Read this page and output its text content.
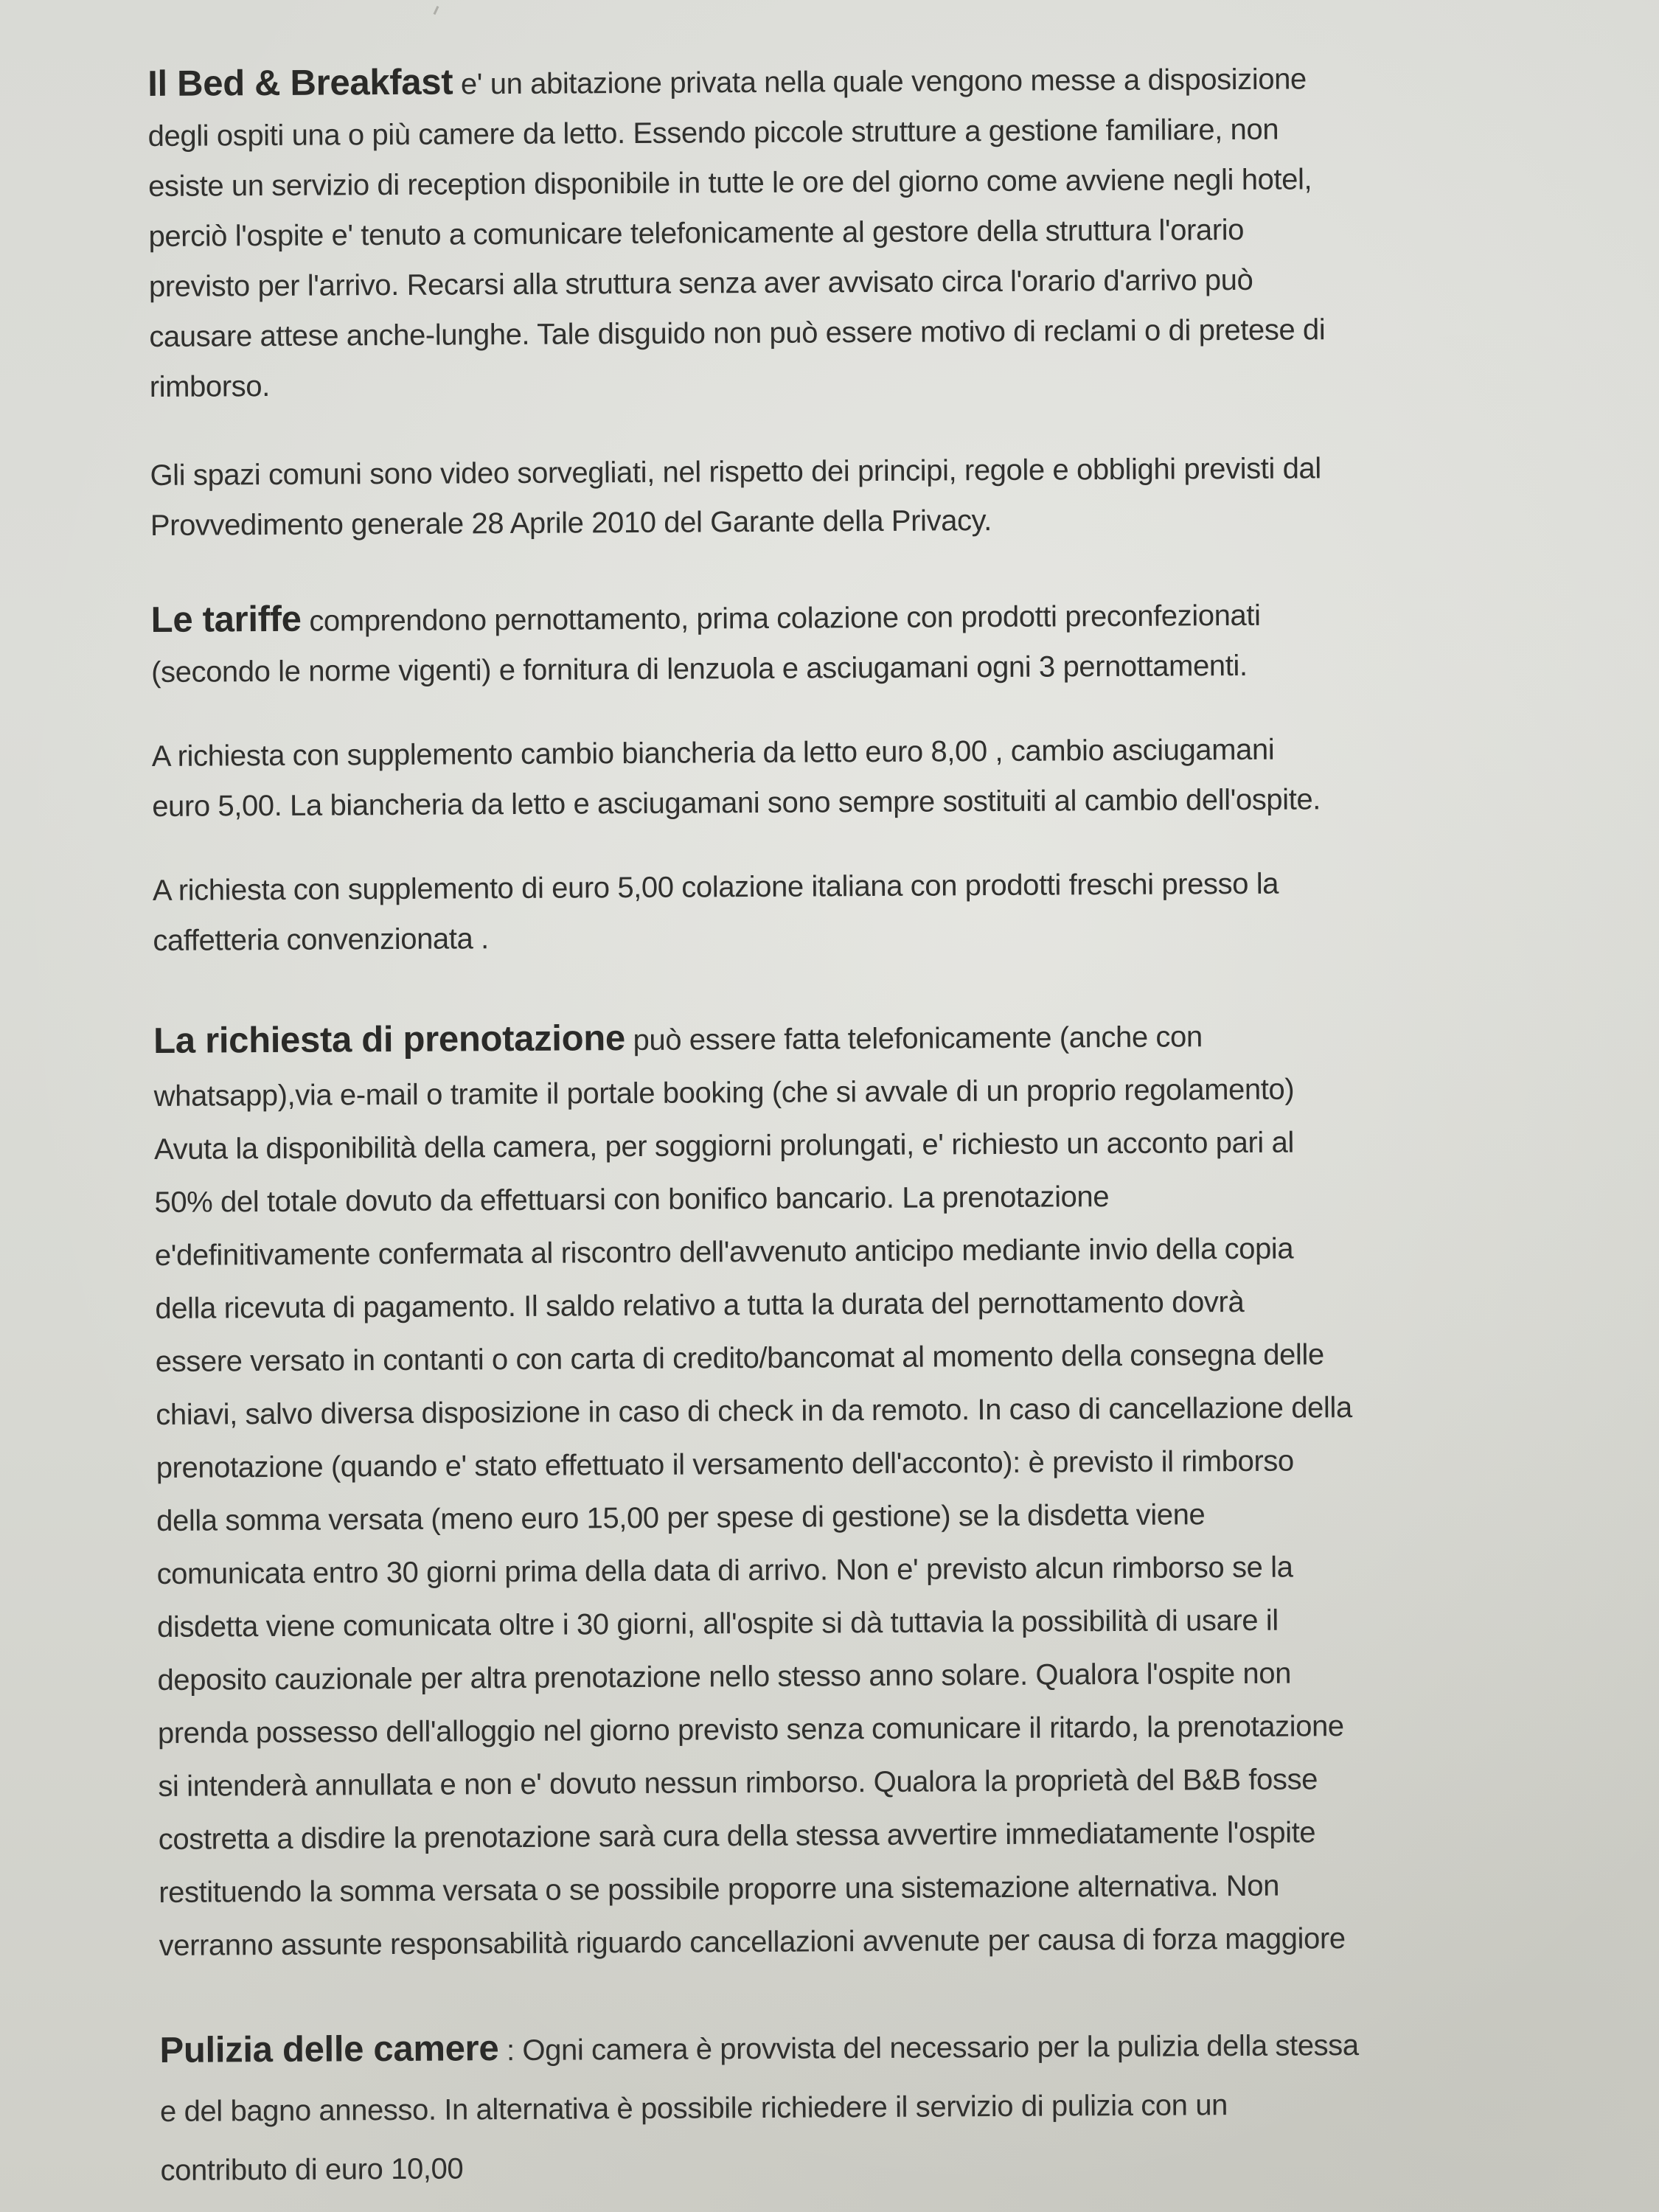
Il Bed & Breakfast e' un abitazione privata nella quale vengono messe a disposizione
degli ospiti una o più camere da letto. Essendo piccole strutture a gestione familiare, non
esiste un servizio di reception disponibile in tutte le ore del giorno come avviene negli hotel,
perciò l'ospite e' tenuto a comunicare telefonicamente al gestore della struttura l'orario
previsto per l'arrivo. Recarsi alla struttura senza aver avvisato circa l'orario d'arrivo può
causare attese anche-lunghe. Tale disguido non può essere motivo di reclami o di pretese di
rimborso.

Gli spazi comuni sono video sorvegliati, nel rispetto dei principi, regole e obblighi previsti dal
Provvedimento generale 28 Aprile 2010 del Garante della Privacy.

Le tariffe comprendono pernottamento, prima colazione con prodotti preconfezionati
(secondo le norme vigenti) e fornitura di lenzuola e asciugamani ogni 3 pernottamenti.

A richiesta con supplemento cambio biancheria da letto euro 8,00 , cambio asciugamani
euro 5,00. La biancheria da letto e asciugamani sono sempre sostituiti al cambio dell'ospite.

A richiesta con supplemento di euro 5,00 colazione italiana con prodotti freschi presso la
caffetteria convenzionata .

La richiesta di prenotazione può essere fatta telefonicamente (anche con
whatsapp),via e-mail o tramite il portale booking (che si avvale di un proprio regolamento)
Avuta la disponibilità della camera, per soggiorni prolungati, e' richiesto un acconto pari al
50% del totale dovuto da effettuarsi con bonifico bancario. La prenotazione
e'definitivamente confermata al riscontro dell'avvenuto anticipo mediante invio della copia
della ricevuta di pagamento. Il saldo relativo a tutta la durata del pernottamento dovrà
essere versato in contanti o con carta di credito/bancomat al momento della consegna delle
chiavi, salvo diversa disposizione in caso di check in da remoto. In caso di cancellazione della
prenotazione (quando e' stato effettuato il versamento dell'acconto): è previsto il rimborso
della somma versata (meno euro 15,00 per spese di gestione) se la disdetta viene
comunicata entro 30 giorni prima della data di arrivo. Non e' previsto alcun rimborso se la
disdetta viene comunicata oltre i 30 giorni, all'ospite si dà tuttavia la possibilità di usare il
deposito cauzionale per altra prenotazione nello stesso anno solare. Qualora l'ospite non
prenda possesso dell'alloggio nel giorno previsto senza comunicare il ritardo, la prenotazione
si intenderà annullata e non e' dovuto nessun rimborso. Qualora la proprietà del B&B fosse
costretta a disdire la prenotazione sarà cura della stessa avvertire immediatamente l'ospite
restituendo la somma versata o se possibile proporre una sistemazione alternativa. Non
verranno assunte responsabilità riguardo cancellazioni avvenute per causa di forza maggiore

Pulizia delle camere : Ogni camera è provvista del necessario per la pulizia della stessa
e del bagno annesso. In alternativa è possibile richiedere il servizio di pulizia con un
contributo di euro 10,00
